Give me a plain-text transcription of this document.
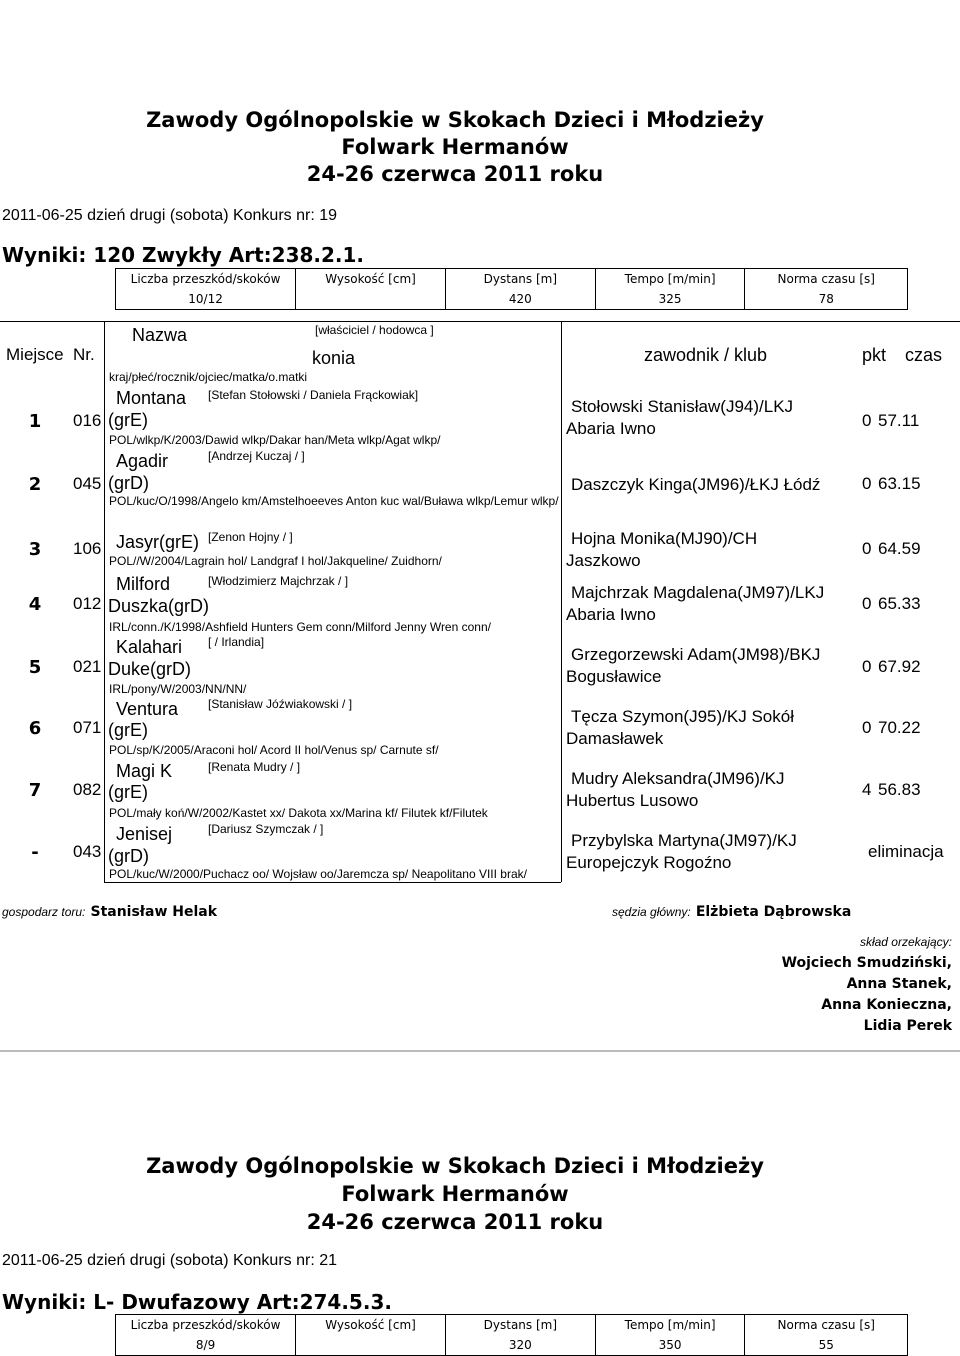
Zawody Ogólnopolskie w Skokach Dzieci i Młodzieży
Folwark Hermanów
24-26 czerwca 2011 roku
2011-06-25 dzień drugi (sobota) Konkurs nr: 19
Wyniki: 120 Zwykły Art:238.2.1.
Liczba przeszkód/skoków	Wysokość [cm]	Dystans [m]	Tempo [m/min]	Norma czasu [s]
10/12		420	325	78
Miejsce Nr.
Nazwa	[właściciel / hodowca ]
konia
kraj/płeć/rocznik/ojciec/matka/o.matki
zawodnik / klub	pkt czas
1	016
Montana [Stefan Stołowski / Daniela Frąckowiak]
(grE)
POL/wlkp/K/2003/Dawid wlkp/Dakar han/Meta wlkp/Agat wlkp/
Stołowski Stanisław(J94)/LKJ
Abaria Iwno	0 57.11
2	045
Agadir	[Andrzej Kuczaj / ]
(grD)
POL/kuc/O/1998/Angelo km/Amstelhoeeves Anton kuc wal/Buława wlkp/Lemur wlkp/
Daszczyk Kinga(JM96)/ŁKJ Łódź	0 63.15
3	106 Jasyr(grE) [Zenon Hojny / ]
POL//W/2004/Lagrain hol/ Landgraf I hol/Jakqueline/ Zuidhorn/
Hojna Monika(MJ90)/CH
Jaszkowo
0 64.59
4	012
Milford	[Włodzimierz Majchrzak / ]
Duszka(grD)
IRL/conn./K/1998/Ashfield Hunters Gem conn/Milford Jenny Wren conn/
Majchrzak Magdalena(JM97)/LKJ
Abaria Iwno
0 65.33
5	021
Kalahari [ / Irlandia]
Duke(grD)
IRL/pony/W/2003/NN/NN/
Grzegorzewski Adam(JM98)/BKJ
Bogusławice
0 67.92
6	071
Ventura [Stanisław Jóźwiakowski / ]
(grE)
POL/sp/K/2005/Araconi hol/ Acord II hol/Venus sp/ Carnute sf/
Tęcza Szymon(J95)/KJ Sokół
Damasławek
0 70.22
7	082
Magi K	[Renata Mudry / ]
(grE)
POL/mały koń/W/2002/Kastet xx/ Dakota xx/Marina kf/ Filutek kf/Filutek
Mudry Aleksandra(JM96)/KJ
Hubertus Lusowo
4 56.83
-	043
Jenisej	[Dariusz Szymczak / ]
(grD)
POL/kuc/W/2000/Puchacz oo/ Wojsław oo/Jaremcza sp/ Neapolitano VIII brak/
Przybylska Martyna(JM97)/KJ
Europejczyk Rogoźno
eliminacja
gospodarz toru: Stanisław Helak	sędzia główny: Elżbieta Dąbrowska
skład orzekający:
Wojciech Smudziński,
Anna Stanek,
Anna Konieczna,
Lidia Perek
Zawody Ogólnopolskie w Skokach Dzieci i Młodzieży
Folwark Hermanów
24-26 czerwca 2011 roku
2011-06-25 dzień drugi (sobota) Konkurs nr: 21
Wyniki: L- Dwufazowy Art:274.5.3.
Liczba przeszkód/skoków	Wysokość [cm]	Dystans [m]	Tempo [m/min]	Norma czasu [s]
8/9		320	350	55
